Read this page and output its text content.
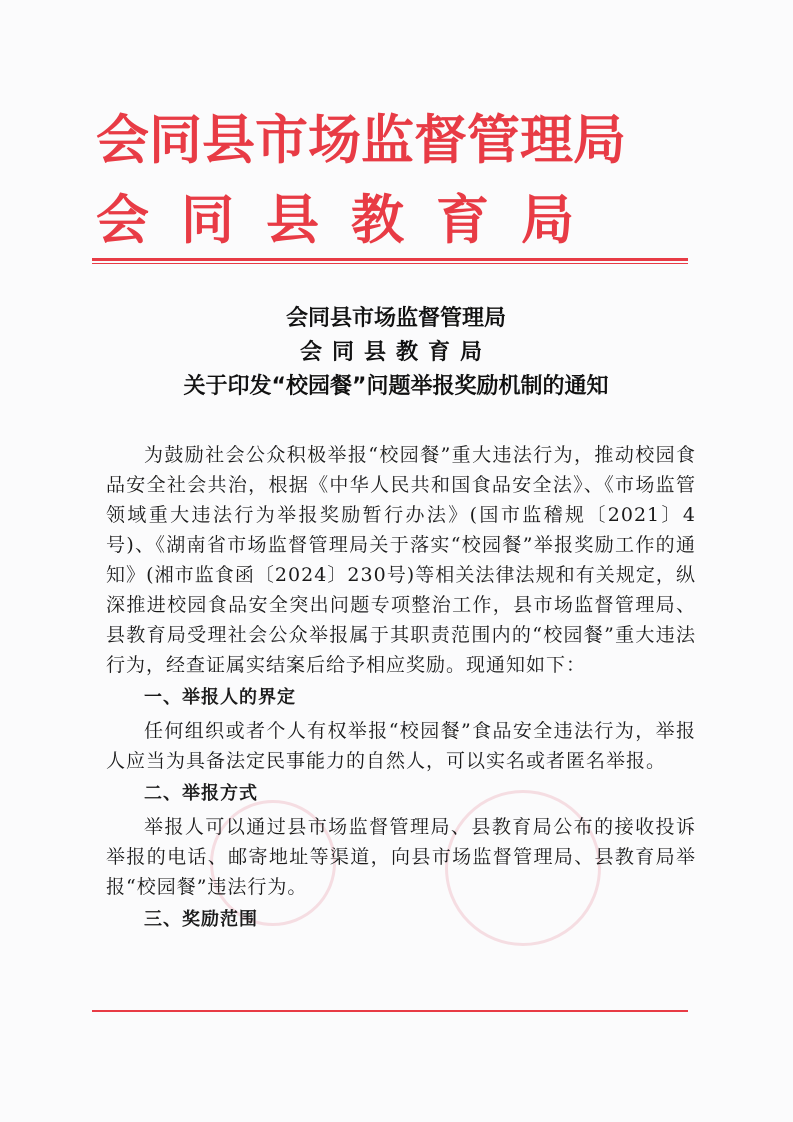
会同县市场监督管理局
会同县教育局
会同县市场监督管理局
会同县教育局
关于印发“校园餐”问题举报奖励机制的通知

为鼓励社会公众积极举报“校园餐”重大违法行为，推动校园食品安全社会共治，根据《中华人民共和国食品安全法》、《市场监管领域重大违法行为举报奖励暂行办法》(国市监稽规〔2021〕4号)、《湖南省市场监督管理局关于落实“校园餐”举报奖励工作的通知》(湘市监食函〔2024〕230号)等相关法律法规和有关规定，纵深推进校园食品安全突出问题专项整治工作，县市场监督管理局、县教育局受理社会公众举报属于其职责范围内的“校园餐”重大违法行为，经查证属实结案后给予相应奖励。现通知如下：

一、举报人的界定

任何组织或者个人有权举报“校园餐”食品安全违法行为，举报人应当为具备法定民事能力的自然人，可以实名或者匿名举报。

二、举报方式

举报人可以通过县市场监督管理局、县教育局公布的接收投诉举报的电话、邮寄地址等渠道，向县市场监督管理局、县教育局举报“校园餐”违法行为。

三、奖励范围
